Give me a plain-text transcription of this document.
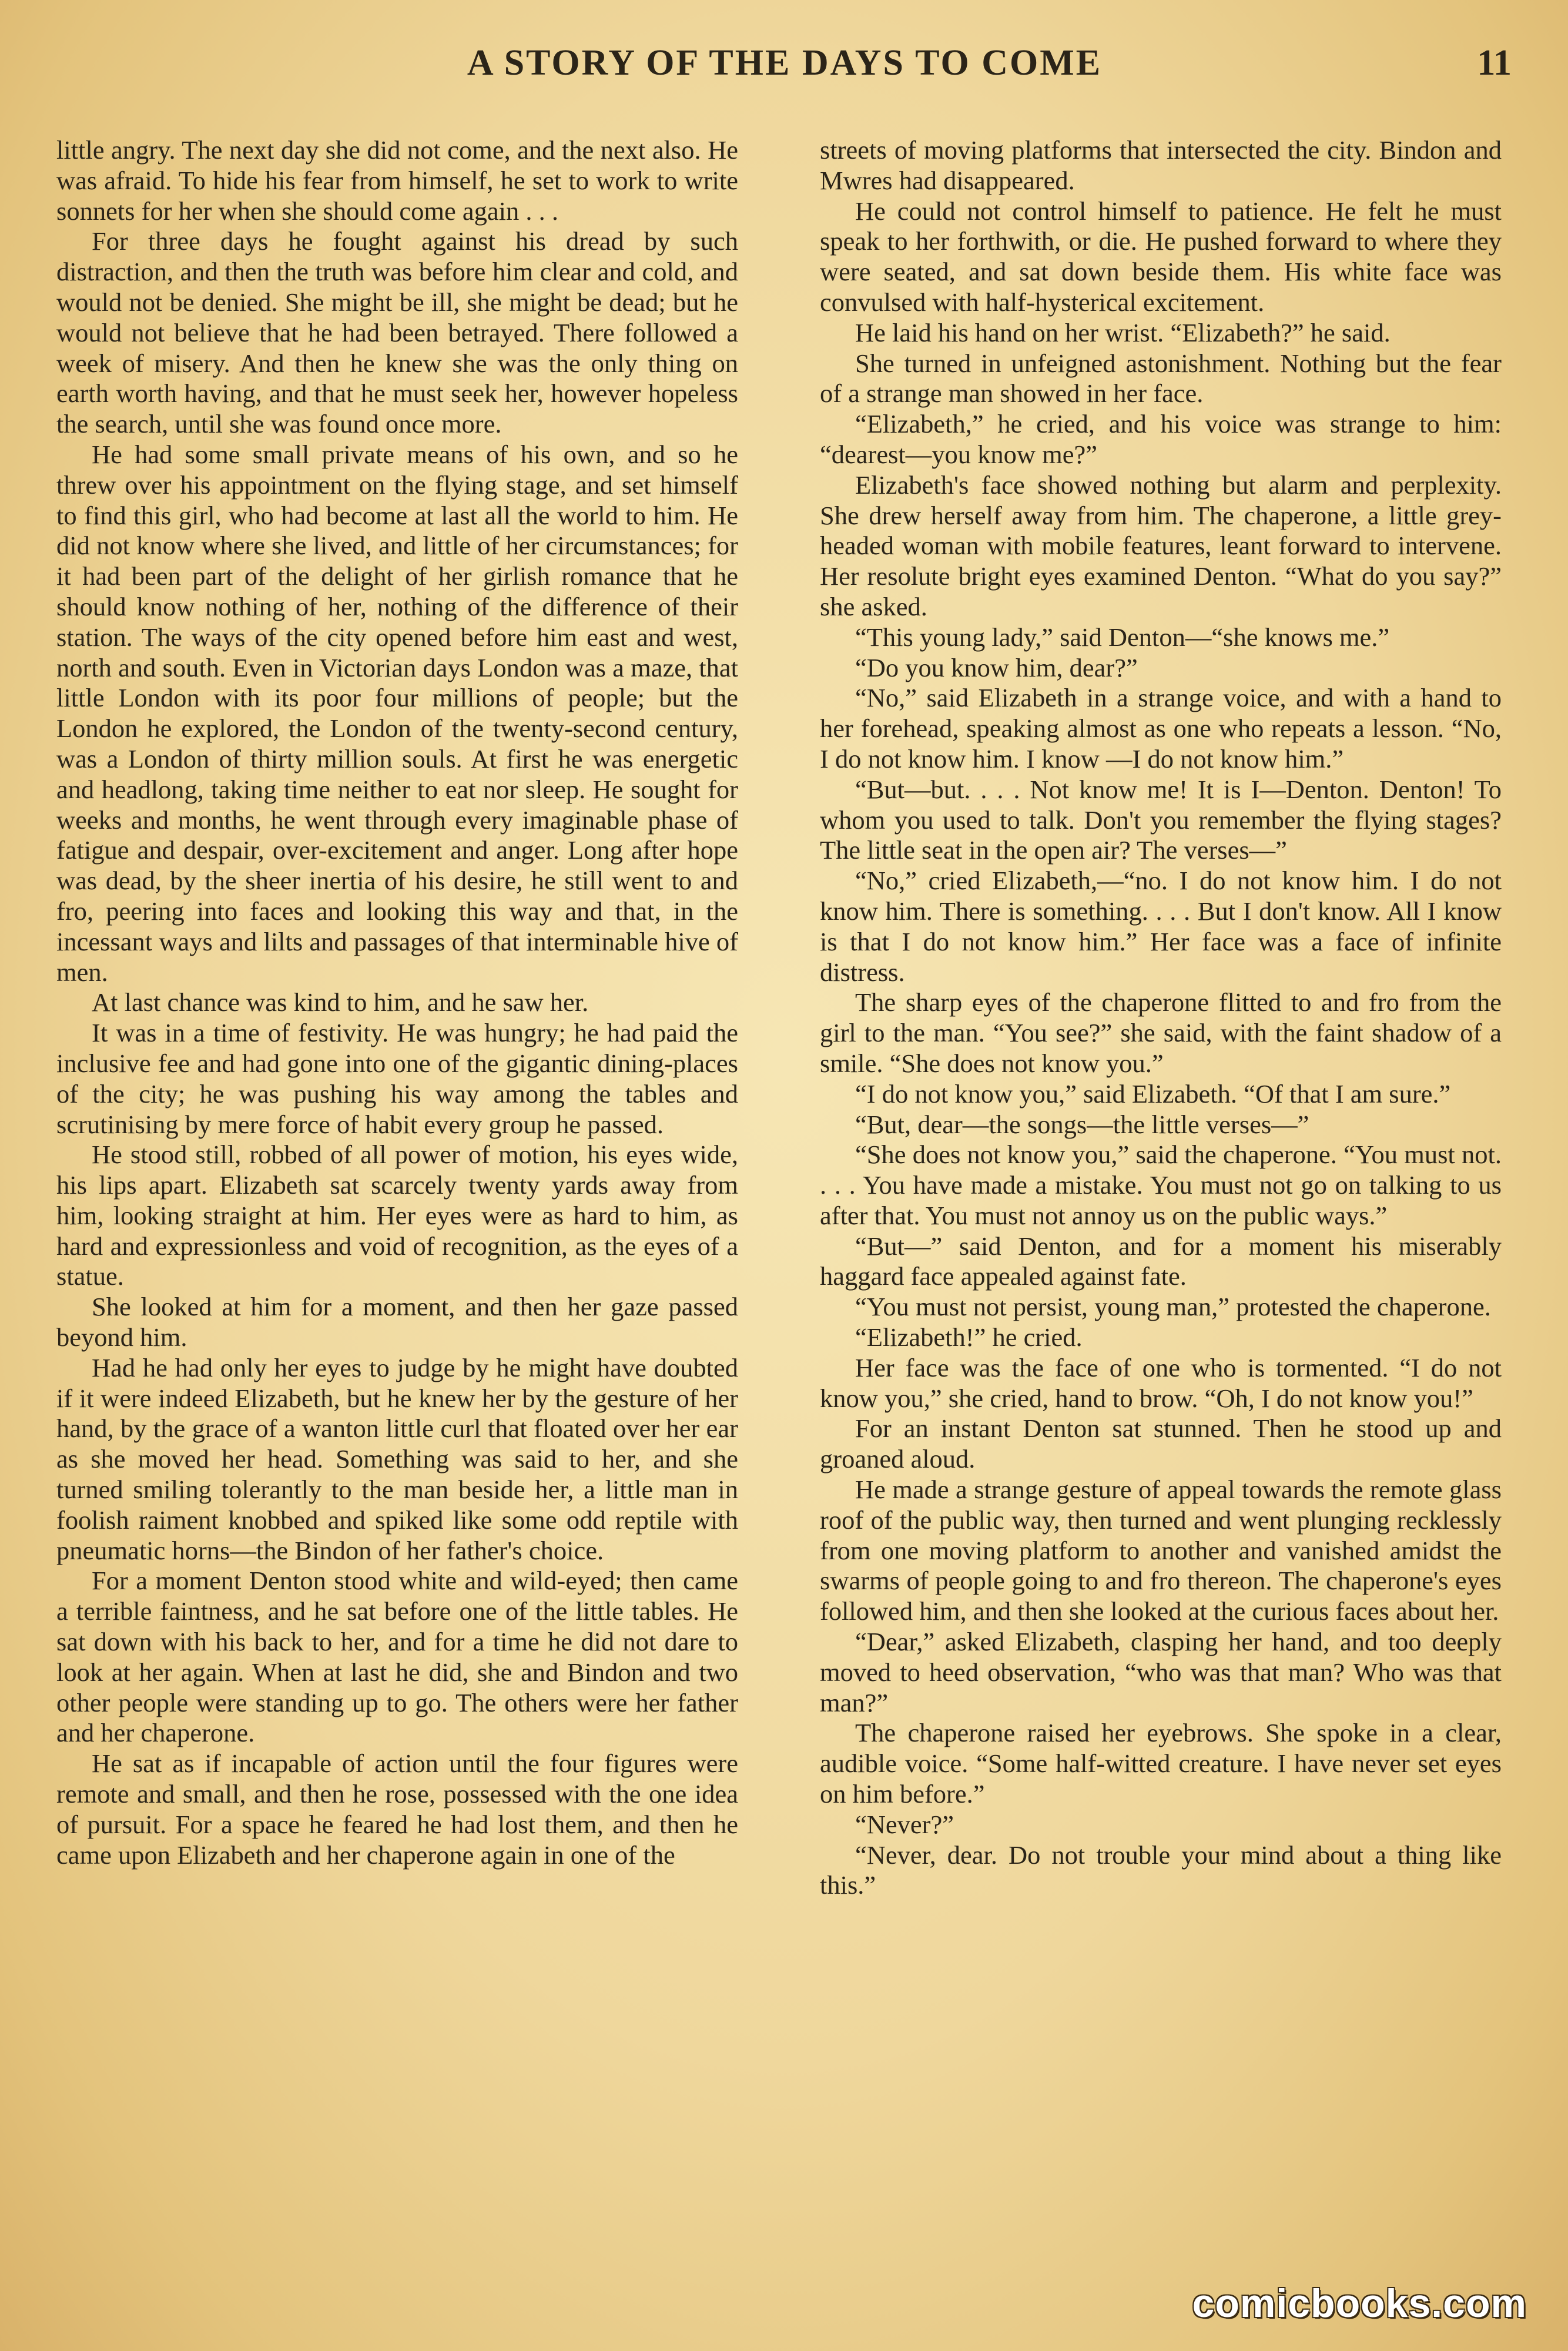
A STORY OF THE DAYS TO COME	11

little angry. The next day she did not come, and the next also. He was afraid. To hide his fear from himself, he set to work to write sonnets for her when she should come again . . .

For three days he fought against his dread by such distraction, and then the truth was before him clear and cold, and would not be denied. She might be ill, she might be dead; but he would not believe that he had been betrayed. There followed a week of misery. And then he knew she was the only thing on earth worth having, and that he must seek her, however hopeless the search, until she was found once more.

He had some small private means of his own, and so he threw over his appointment on the flying stage, and set himself to find this girl, who had become at last all the world to him. He did not know where she lived, and little of her circumstances; for it had been part of the delight of her girlish romance that he should know nothing of her, nothing of the difference of their station. The ways of the city opened before him east and west, north and south. Even in Victorian days London was a maze, that little London with its poor four millions of people; but the London he explored, the London of the twenty-second century, was a London of thirty million souls. At first he was energetic and headlong, taking time neither to eat nor sleep. He sought for weeks and months, he went through every imaginable phase of fatigue and despair, over-excitement and anger. Long after hope was dead, by the sheer inertia of his desire, he still went to and fro, peering into faces and looking this way and that, in the incessant ways and lilts and passages of that interminable hive of men.

At last chance was kind to him, and he saw her.

It was in a time of festivity. He was hungry; he had paid the inclusive fee and had gone into one of the gigantic dining-places of the city; he was pushing his way among the tables and scrutinising by mere force of habit every group he passed.

He stood still, robbed of all power of motion, his eyes wide, his lips apart. Elizabeth sat scarcely twenty yards away from him, looking straight at him. Her eyes were as hard to him, as hard and expressionless and void of recognition, as the eyes of a statue.

She looked at him for a moment, and then her gaze passed beyond him.

Had he had only her eyes to judge by he might have doubted if it were indeed Elizabeth, but he knew her by the gesture of her hand, by the grace of a wanton little curl that floated over her ear as she moved her head. Something was said to her, and she turned smiling tolerantly to the man beside her, a little man in foolish raiment knobbed and spiked like some odd reptile with pneumatic horns—the Bindon of her father's choice.

For a moment Denton stood white and wild-eyed; then came a terrible faintness, and he sat before one of the little tables. He sat down with his back to her, and for a time he did not dare to look at her again. When at last he did, she and Bindon and two other people were standing up to go. The others were her father and her chaperone.

He sat as if incapable of action until the four figures were remote and small, and then he rose, possessed with the one idea of pursuit. For a space he feared he had lost them, and then he came upon Elizabeth and her chaperone again in one of the

streets of moving platforms that intersected the city. Bindon and Mwres had disappeared.

He could not control himself to patience. He felt he must speak to her forthwith, or die. He pushed forward to where they were seated, and sat down beside them. His white face was convulsed with half-hysterical excitement.

He laid his hand on her wrist. “Elizabeth?” he said.

She turned in unfeigned astonishment. Nothing but the fear of a strange man showed in her face.

“Elizabeth,” he cried, and his voice was strange to him: “dearest—you know me?”

Elizabeth's face showed nothing but alarm and perplexity. She drew herself away from him. The chaperone, a little grey-headed woman with mobile features, leant forward to intervene. Her resolute bright eyes examined Denton. “What do you say?” she asked.

“This young lady,” said Denton—“she knows me.”

“Do you know him, dear?”

“No,” said Elizabeth in a strange voice, and with a hand to her forehead, speaking almost as one who repeats a lesson. “No, I do not know him. I know —I do not know him.”

“But—but. . . . Not know me! It is I—Denton. Denton! To whom you used to talk. Don't you remember the flying stages? The little seat in the open air? The verses—”

“No,” cried Elizabeth,—“no. I do not know him. I do not know him. There is something. . . . But I don't know. All I know is that I do not know him.” Her face was a face of infinite distress.

The sharp eyes of the chaperone flitted to and fro from the girl to the man. “You see?” she said, with the faint shadow of a smile. “She does not know you.”

“I do not know you,” said Elizabeth. “Of that I am sure.”

“But, dear—the songs—the little verses—”

“She does not know you,” said the chaperone. “You must not. . . . You have made a mistake. You must not go on talking to us after that. You must not annoy us on the public ways.”

“But—” said Denton, and for a moment his miserably haggard face appealed against fate.

“You must not persist, young man,” protested the chaperone.

“Elizabeth!” he cried.

Her face was the face of one who is tormented. “I do not know you,” she cried, hand to brow. “Oh, I do not know you!”

For an instant Denton sat stunned. Then he stood up and groaned aloud.

He made a strange gesture of appeal towards the remote glass roof of the public way, then turned and went plunging recklessly from one moving platform to another and vanished amidst the swarms of people going to and fro thereon. The chaperone's eyes followed him, and then she looked at the curious faces about her.

“Dear,” asked Elizabeth, clasping her hand, and too deeply moved to heed observation, “who was that man? Who was that man?”

The chaperone raised her eyebrows. She spoke in a clear, audible voice. “Some half-witted creature. I have never set eyes on him before.”

“Never?”

“Never, dear. Do not trouble your mind about a thing like this.”

comicbooks.com
